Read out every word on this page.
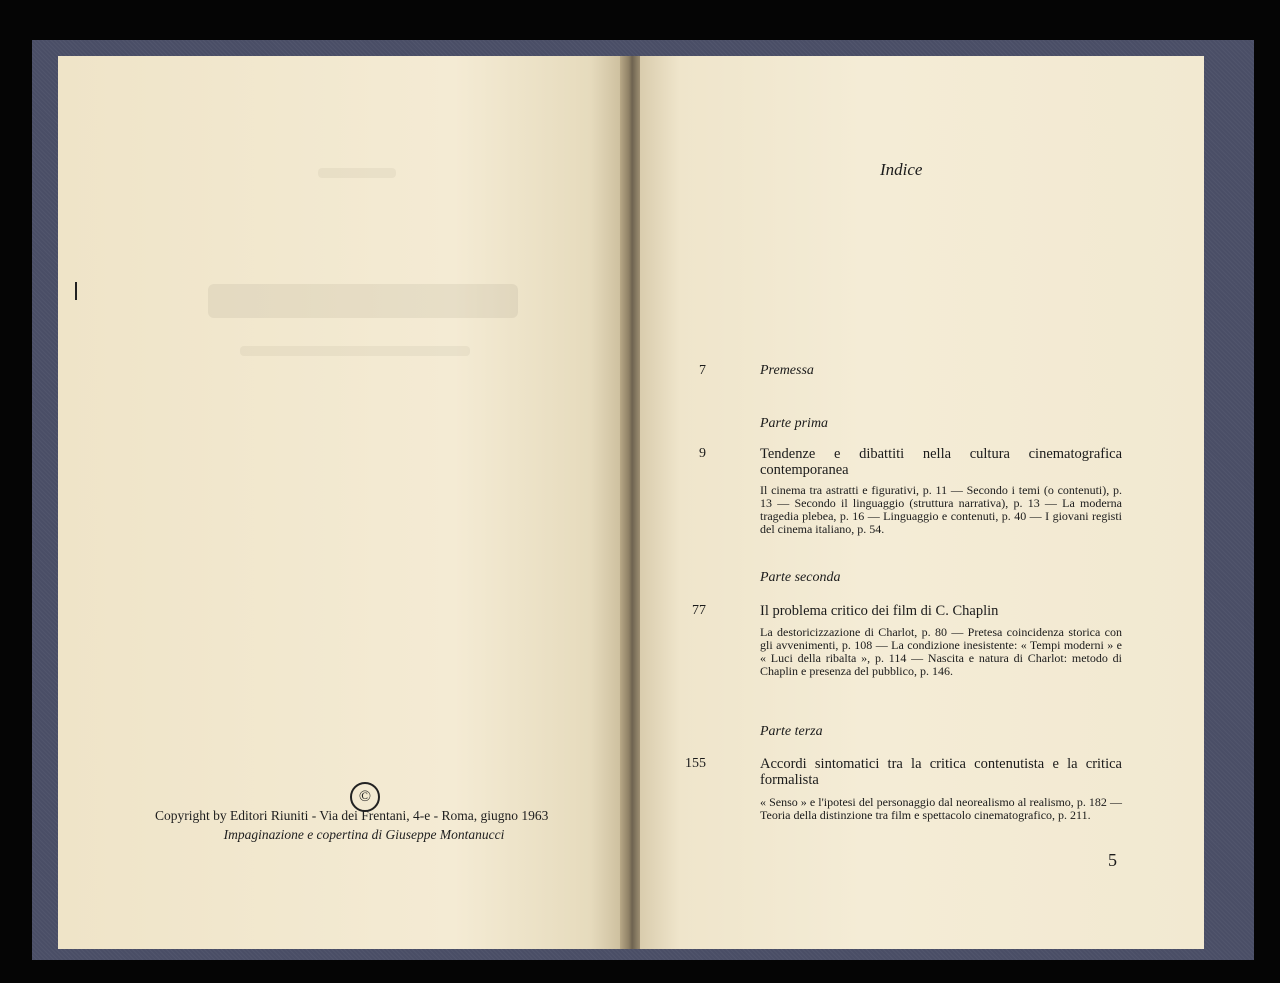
©
Copyright by Editori Riuniti - Via dei Frentani, 4-e - Roma, giugno 1963
Impaginazione e copertina di Giuseppe Montanucci
Indice
7	Premessa
Parte prima
9	Tendenze e dibattiti nella cultura cinematografica contemporanea
Il cinema tra astratti e figurativi, p. 11 — Secondo i temi (o contenuti), p. 13 — Secondo il linguaggio (struttura narrativa), p. 13 — La moderna tragedia plebea, p. 16 — Linguaggio e contenuti, p. 40 — I giovani registi del cinema italiano, p. 54.
Parte seconda
77	Il problema critico dei film di C. Chaplin
La destoricizzazione di Charlot, p. 80 — Pretesa coincidenza storica con gli avvenimenti, p. 108 — La condizione inesistente: « Tempi moderni » e « Luci della ribalta », p. 114 — Nascita e natura di Charlot: metodo di Chaplin e presenza del pubblico, p. 146.
Parte terza
155	Accordi sintomatici tra la critica contenutista e la critica formalista
« Senso » e l'ipotesi del personaggio dal neorealismo al realismo, p. 182 — Teoria della distinzione tra film e spettacolo cinematografico, p. 211.
5
